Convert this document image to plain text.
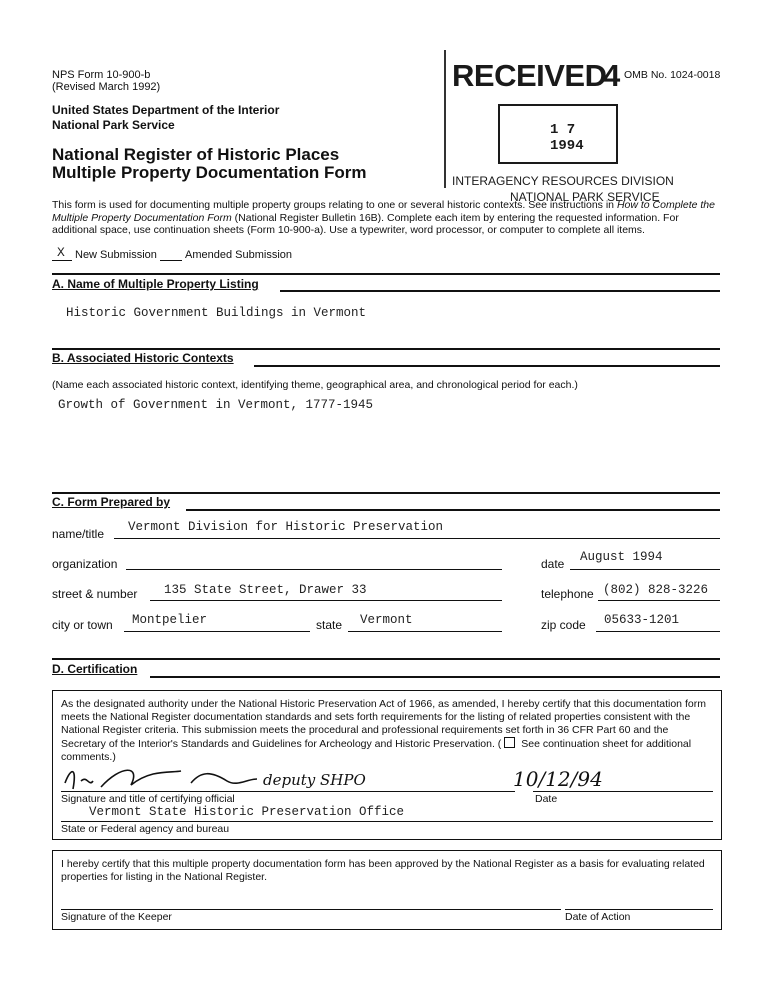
NPS Form 10-900-b
(Revised March 1992)
United States Department of the Interior
National Park Service
National Register of Historic Places
Multiple Property Documentation Form
OMB No. 1024-0018
RECEIVED
4
1 7 1994
INTERAGENCY RESOURCES DIVISION
NATIONAL PARK SERVICE
This form is used for documenting multiple property groups relating to one or several historic contexts. See instructions in How to Complete the Multiple Property Documentation Form (National Register Bulletin 16B). Complete each item by entering the requested information. For additional space, use continuation sheets (Form 10-900-a). Use a typewriter, word processor, or computer to complete all items.
X New Submission	Amended Submission
A. Name of Multiple Property Listing
Historic Government Buildings in Vermont
B. Associated Historic Contexts
(Name each associated historic context, identifying theme, geographical area, and chronological period for each.)
Growth of Government in Vermont, 1777-1945
C. Form Prepared by
name/title Vermont Division for Historic Preservation
organization	date August 1994
street & number 135 State Street, Drawer 33	telephone (802) 828-3226
city or town Montpelier	state Vermont	zip code 05633-1201
D. Certification
As the designated authority under the National Historic Preservation Act of 1966, as amended, I hereby certify that this documentation form meets the National Register documentation standards and sets forth requirements for the listing of related properties consistent with the National Register criteria. This submission meets the procedural and professional requirements set forth in 36 CFR Part 60 and the Secretary of the Interior's Standards and Guidelines for Archeology and Historic Preservation. ( See continuation sheet for additional comments.)
deputy SHPO	10/12/94
Signature and title of certifying official	Date
Vermont State Historic Preservation Office
State or Federal agency and bureau
I hereby certify that this multiple property documentation form has been approved by the National Register as a basis for evaluating related properties for listing in the National Register.
Signature of the Keeper	Date of Action
